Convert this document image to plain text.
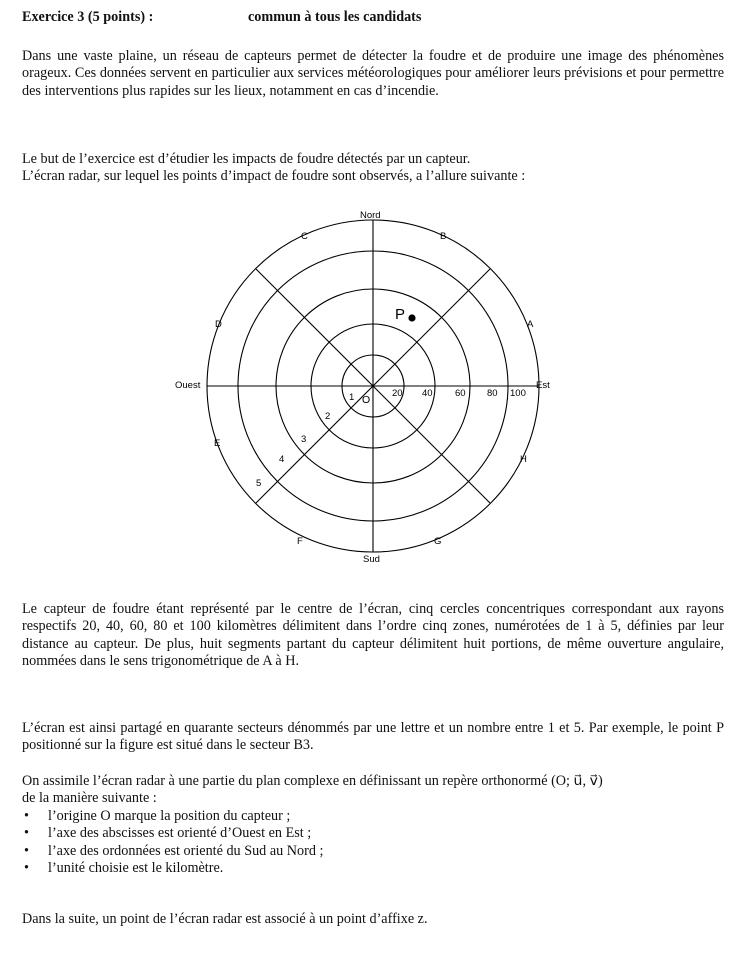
Exercice 3 (5 points) :	commun à tous les candidats

Dans une vaste plaine, un réseau de capteurs permet de détecter la foudre et de produire une image des phénomènes orageux. Ces données servent en particulier aux services météorologiques pour améliorer leurs prévisions et pour permettre des interventions plus rapides sur les lieux, notamment en cas d’incendie.

Le but de l’exercice est d’étudier les impacts de foudre détectés par un capteur.

L’écran radar, sur lequel les points d’impact de foudre sont observés, a l’allure suivante :

P
Nord
Sud
Est
Ouest
A
B
C
D
E
F	G
H
20 40 60 80 100
1
2
3
4
5
O

Le capteur de foudre étant représenté par le centre de l’écran, cinq cercles concentriques correspondant aux rayons respectifs 20, 40, 60, 80 et 100 kilomètres délimitent dans l’ordre cinq zones, numérotées de 1 à 5, définies par leur distance au capteur. De plus, huit segments partant du capteur délimitent huit portions, de même ouverture angulaire, nommées dans le sens trigonométrique de A à H.

L’écran est ainsi partagé en quarante secteurs dénommés par une lettre et un nombre entre 1 et 5. Par exemple, le point P positionné sur la figure est situé dans le secteur B3.

On assimile l’écran radar à une partie du plan complexe en définissant un repère orthonormé (O; u⃗, v⃗)

de la manière suivante :

• l’origine O marque la position du capteur ;
• l’axe des abscisses est orienté d’Ouest en Est ;
• l’axe des ordonnées est orienté du Sud au Nord ;
• l’unité choisie est le kilomètre.

Dans la suite, un point de l’écran radar est associé à un point d’affixe z.
